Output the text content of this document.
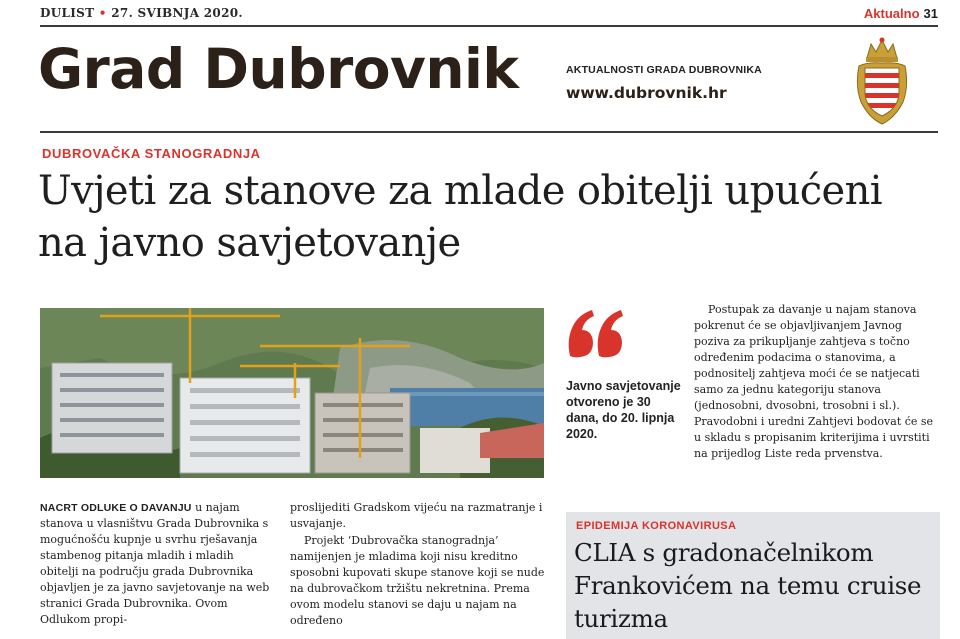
DULIST • 27. SVIBNJA 2020.	Aktualno 31
Grad Dubrovnik	AKTUALNOSTI GRADA DUBROVNIKA
www.dubrovnik.hr
DUBROVAČKA STANOGRADNJA
Uvjeti za stanove za mlade obitelji upućeni na javno savjetovanje
Javno savjetovanje otvoreno je 30 dana, do 20. lipnja 2020.

Postupak za davanje u najam stanova pokrenut će se objavljivanjem Javnog poziva za prikupljanje zahtjeva s točno određenim podacima o stanovima, a podnositelj zahtjeva moći će se natjecati samo za jednu kategoriju stanova (jednosobni, dvosobni, trosobni i sl.). Pravodobni i uredni Zahtjevi bodovat će se u skladu s propisanim kriterijima i uvrstiti na prijedlog Liste reda prvenstva.

EPIDEMIJA KORONAVIRUSA
CLIA s gradonačelnikom Frankovićem na temu cruise turizma

NACRT ODLUKE O DAVANJU u najam stanova u vlasništvu Grada Dubrovnika s mogućnošću kupnje u svrhu rješavanja stambenog pitanja mladih i mladih obitelji na području grada Dubrovnika objavljen je za javno savjetovanje na web stranici Grada Dubrovnika. Ovom Odlukom propi-

proslijediti Gradskom vijeću na razmatranje i usvajanje.

Projekt ‘Dubrovačka stanogradnja’ namijenjen je mladima koji nisu kreditno sposobni kupovati skupe stanove koji se nude na dubrovačkom tržištu nekretnina. Prema ovom modelu stanovi se daju u najam na određeno
